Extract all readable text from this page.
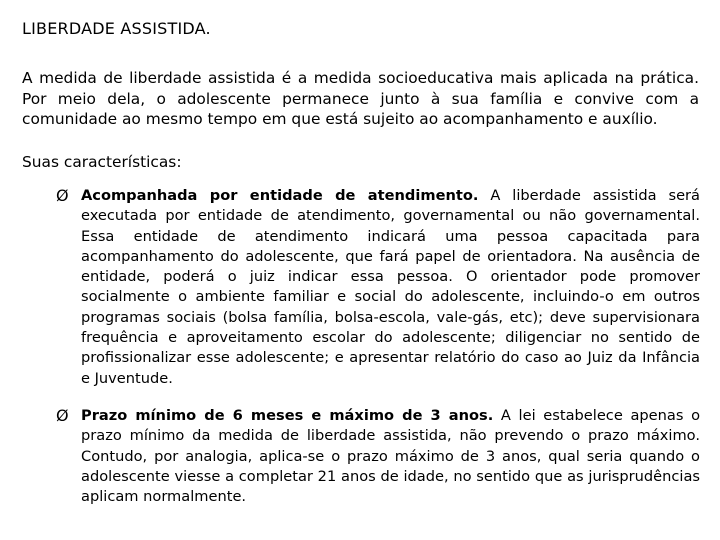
LIBERDADE ASSISTIDA.
A medida de liberdade assistida é a medida socioeducativa mais aplicada na prática. Por meio dela, o adolescente permanece junto à sua família e convive com a comunidade ao mesmo tempo em que está sujeito ao acompanhamento e auxílio.
Suas características:
Ø Acompanhada por entidade de atendimento. A liberdade assistida será executada por entidade de atendimento, governamental ou não governamental. Essa entidade de atendimento indicará uma pessoa capacitada para acompanhamento do adolescente, que fará papel de orientadora. Na ausência de entidade, poderá o juiz indicar essa pessoa. O orientador pode promover socialmente o ambiente familiar e social do adolescente, incluindo-o em outros programas sociais (bolsa família, bolsa-escola, vale-gás, etc); deve supervisionara frequência e aproveitamento escolar do adolescente; diligenciar no sentido de profissionalizar esse adolescente; e apresentar relatório do caso ao Juiz da Infância e Juventude.
Ø Prazo mínimo de 6 meses e máximo de 3 anos. A lei estabelece apenas o prazo mínimo da medida de liberdade assistida, não prevendo o prazo máximo. Contudo, por analogia, aplica-se o prazo máximo de 3 anos, qual seria quando o adolescente viesse a completar 21 anos de idade, no sentido que as jurisprudências aplicam normalmente.
